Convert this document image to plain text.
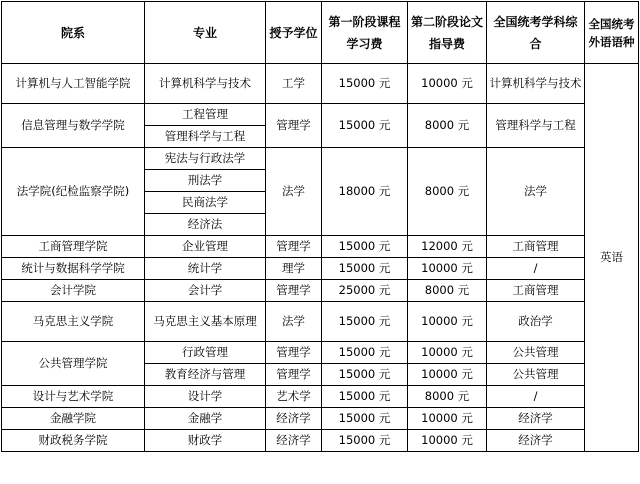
院系	专业	授予学位	第一阶段课程学习费	第二阶段论文指导费	全国统考学科综合	全国统考外语语种
计算机与人工智能学院	计算机科学与技术	工学	15000 元	10000 元	计算机科学与技术	英语
信息管理与数学学院	工程管理	管理学	15000 元	8000 元	管理科学与工程	
	管理科学与工程					
法学院(纪检监察学院)	宪法与行政法学	法学	18000 元	8000 元	法学	
	刑法学					
	民商法学					
	经济法					
工商管理学院	企业管理	管理学	15000 元	12000 元	工商管理	
统计与数据科学学院	统计学	理学	15000 元	10000 元	/	
会计学院	会计学	管理学	25000 元	8000 元	工商管理	
马克思主义学院	马克思主义基本原理	法学	15000 元	10000 元	政治学	
公共管理学院	行政管理	管理学	15000 元	10000 元	公共管理	
	教育经济与管理	管理学	15000 元	10000 元	公共管理	
设计与艺术学院	设计学	艺术学	15000 元	8000 元	/	
金融学院	金融学	经济学	15000 元	10000 元	经济学	
财政税务学院	财政学	经济学	15000 元	10000 元	经济学	
